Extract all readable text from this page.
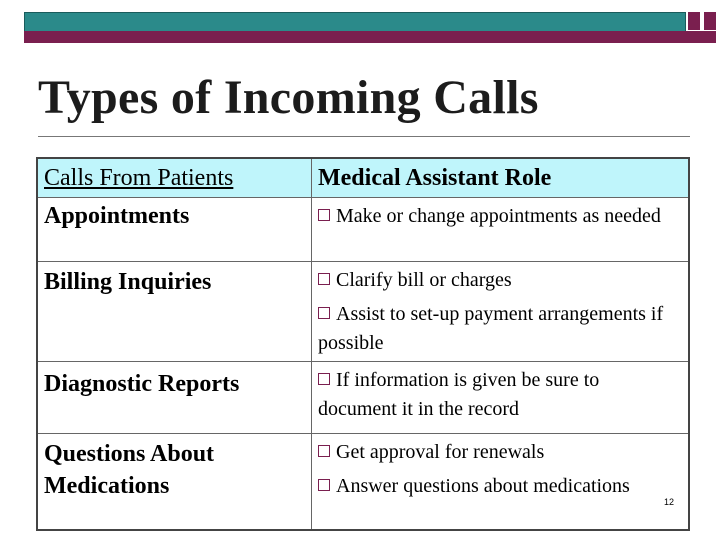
Types of Incoming Calls
Calls From Patients	Medical Assistant Role
Appointments	Make or change appointments as needed

Billing Inquiries	Clarify bill or charges
Assist to set-up payment arrangements if possible

Diagnostic Reports	If information is given be sure to document it in the record

Questions About Medications	Get approval for renewals
Answer questions about medications
12
